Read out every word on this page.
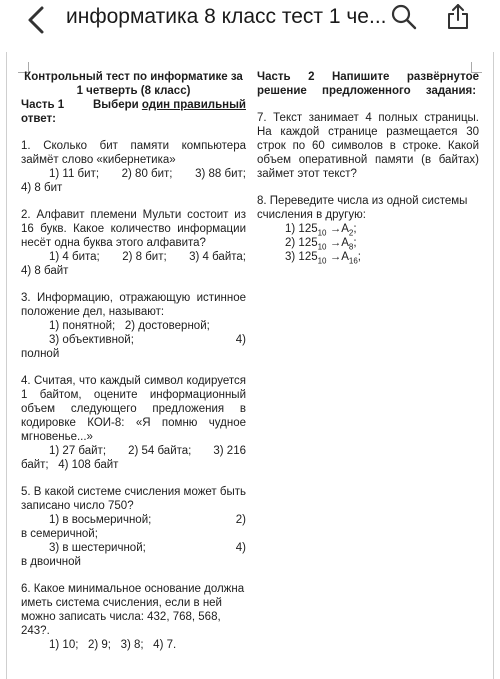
информатика 8 класс тест 1 че...
Контрольный тест по информатике за
1 четверть (8 класс)
Часть 1	Выбери один правильный
ответ:
1. Сколько бит памяти компьютера займёт слово «кибернетика»
1) 11 бит; 2) 80 бит; 3) 88 бит;
4) 8 бит
2. Алфавит племени Мульти состоит из 16 букв. Какое количество информации несёт одна буква этого алфавита?
1) 4 бита; 2) 8 бит; 3) 4 байта;
4) 8 байт
3. Информацию, отражающую истинное положение дел, называют:
1) понятной; 2) достоверной;
3) объективной;	4)
полной
4. Считая, что каждый символ кодируется 1 байтом, оцените информационный объем следующего предложения в кодировке КОИ-8: «Я помню чудное мгновенье...»
1) 27 байт; 2) 54 байта; 3) 216
байт; 4) 108 байт
5. В какой системе счисления может быть записано число 750?
1) в восьмеричной;	2)
в семеричной;
3) в шестеричной;	4)
в двоичной
6. Какое минимальное основание должна иметь система счисления, если в ней можно записать числа: 432, 768, 568, 243?.
1) 10;   2) 9;   3) 8;   4) 7.
Часть 2 Напишите развёрнутое решение предложенного задания:
7. Текст занимает 4 полных страницы. На каждой странице размещается 30 строк по 60 символов в строке. Какой объем оперативной памяти (в байтах) займет этот текст?
8. Переведите числа из одной системы счисления в другую:
1) $125_{10} \to A_2$;
2) $125_{10} \to A_8$;
3) $125_{10} \to A_{16}$;
